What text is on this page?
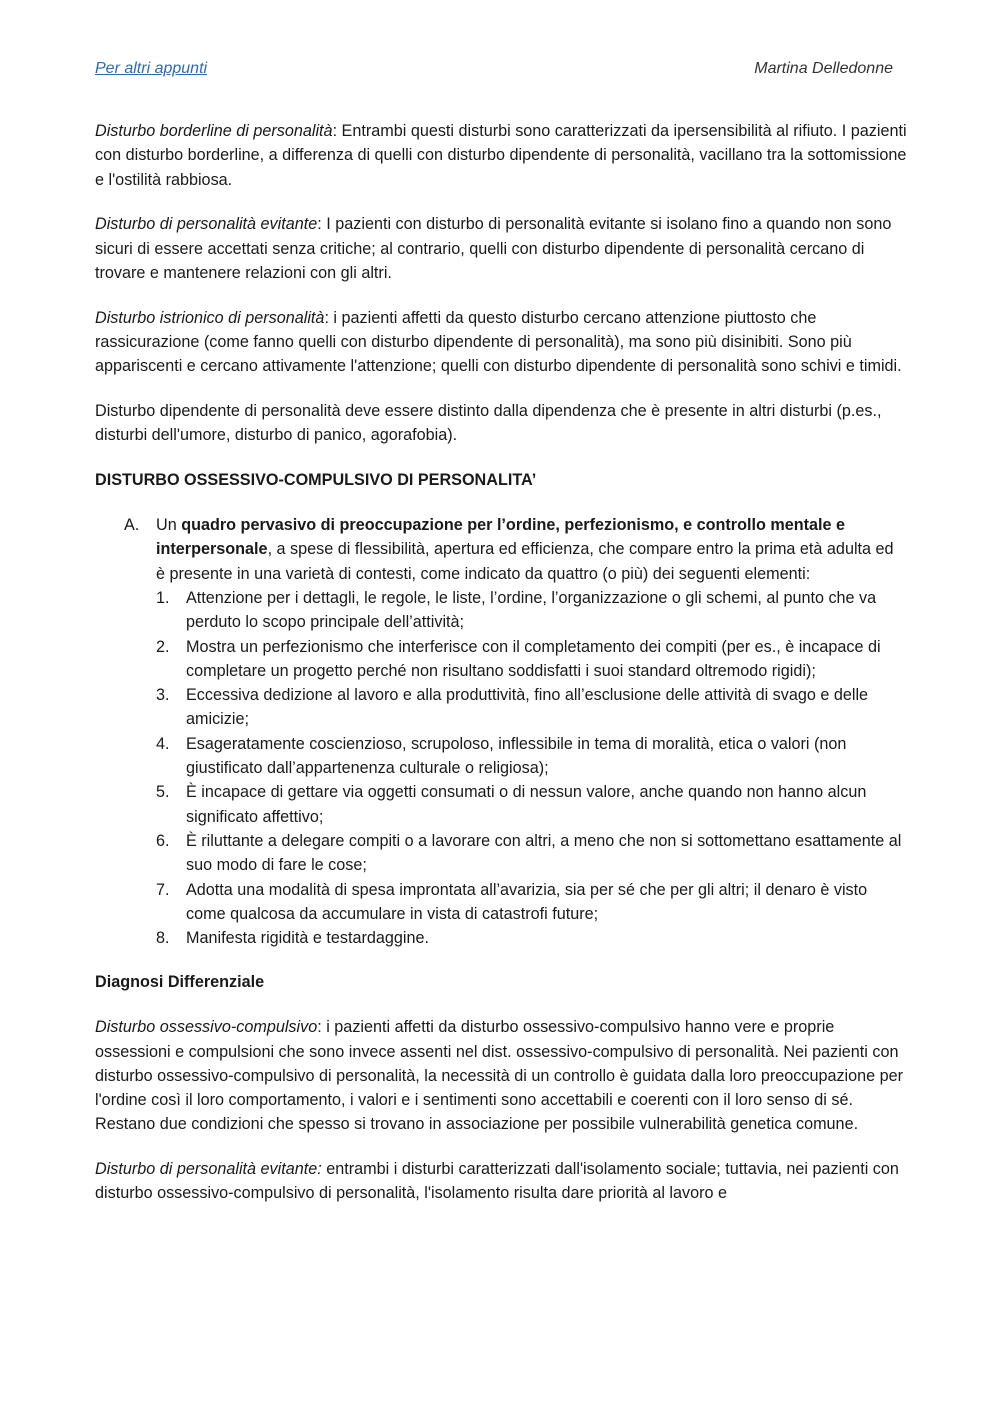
Per altri appunti	Martina Delledonne

Disturbo borderline di personalità: Entrambi questi disturbi sono caratterizzati da ipersensibilità al rifiuto. I pazienti con disturbo borderline, a differenza di quelli con disturbo dipendente di personalità, vacillano tra la sottomissione e l'ostilità rabbiosa.

Disturbo di personalità evitante: I pazienti con disturbo di personalità evitante si isolano fino a quando non sono sicuri di essere accettati senza critiche; al contrario, quelli con disturbo dipendente di personalità cercano di trovare e mantenere relazioni con gli altri.

Disturbo istrionico di personalità: i pazienti affetti da questo disturbo cercano attenzione piuttosto che rassicurazione (come fanno quelli con disturbo dipendente di personalità), ma sono più disinibiti. Sono più appariscenti e cercano attivamente l'attenzione; quelli con disturbo dipendente di personalità sono schivi e timidi.

Disturbo dipendente di personalità deve essere distinto dalla dipendenza che è presente in altri disturbi (p.es., disturbi dell'umore, disturbo di panico, agorafobia).

DISTURBO OSSESSIVO-COMPULSIVO DI PERSONALITA’
A. Un quadro pervasivo di preoccupazione per l’ordine, perfezionismo, e controllo mentale e interpersonale, a spese di flessibilità, apertura ed efficienza, che compare entro la prima età adulta ed è presente in una varietà di contesti, come indicato da quattro (o più) dei seguenti elementi:
1. Attenzione per i dettagli, le regole, le liste, l’ordine, l’organizzazione o gli schemi, al punto che va perduto lo scopo principale dell’attività;
2. Mostra un perfezionismo che interferisce con il completamento dei compiti (per es., è incapace di completare un progetto perché non risultano soddisfatti i suoi standard oltremodo rigidi);
3. Eccessiva dedizione al lavoro e alla produttività, fino all’esclusione delle attività di svago e delle amicizie;
4. Esageratamente coscienzioso, scrupoloso, inflessibile in tema di moralità, etica o valori (non giustificato dall’appartenenza culturale o religiosa);
5. È incapace di gettare via oggetti consumati o di nessun valore, anche quando non hanno alcun significato affettivo;
6. È riluttante a delegare compiti o a lavorare con altri, a meno che non si sottomettano esattamente al suo modo di fare le cose;
7. Adotta una modalità di spesa improntata all’avarizia, sia per sé che per gli altri; il denaro è visto come qualcosa da accumulare in vista di catastrofi future;
8. Manifesta rigidità e testardaggine.
Diagnosi Differenziale

Disturbo ossessivo-compulsivo: i pazienti affetti da disturbo ossessivo-compulsivo hanno vere e proprie ossessioni e compulsioni che sono invece assenti nel dist. ossessivo-compulsivo di personalità. Nei pazienti con disturbo ossessivo-compulsivo di personalità, la necessità di un controllo è guidata dalla loro preoccupazione per l'ordine così il loro comportamento, i valori e i sentimenti sono accettabili e coerenti con il loro senso di sé. Restano due condizioni che spesso si trovano in associazione per possibile vulnerabilità genetica comune.

Disturbo di personalità evitante: entrambi i disturbi caratterizzati dall'isolamento sociale; tuttavia, nei pazienti con disturbo ossessivo-compulsivo di personalità, l'isolamento risulta dare priorità al lavoro e
